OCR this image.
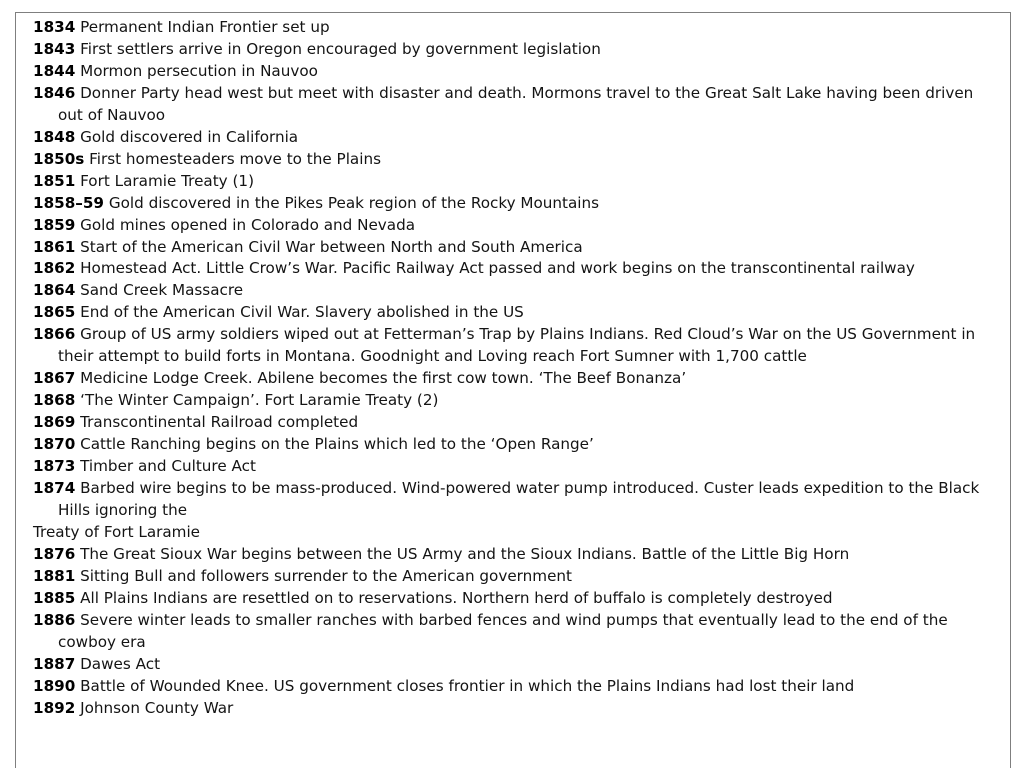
1834 Permanent Indian Frontier set up
1843 First settlers arrive in Oregon encouraged by government legislation
1844 Mormon persecution in Nauvoo
1846 Donner Party head west but meet with disaster and death. Mormons travel to the Great Salt Lake having been driven out of Nauvoo
1848 Gold discovered in California
1850s First homesteaders move to the Plains
1851 Fort Laramie Treaty (1)
1858–59 Gold discovered in the Pikes Peak region of the Rocky Mountains
1859 Gold mines opened in Colorado and Nevada
1861 Start of the American Civil War between North and South America
1862 Homestead Act. Little Crow’s War. Pacific Railway Act passed and work begins on the transcontinental railway
1864 Sand Creek Massacre
1865 End of the American Civil War. Slavery abolished in the US
1866 Group of US army soldiers wiped out at Fetterman’s Trap by Plains Indians. Red Cloud’s War on the US Government in their attempt to build forts in Montana. Goodnight and Loving reach Fort Sumner with 1,700 cattle
1867 Medicine Lodge Creek. Abilene becomes the first cow town. ‘The Beef Bonanza’
1868 ‘The Winter Campaign’. Fort Laramie Treaty (2)
1869 Transcontinental Railroad completed
1870 Cattle Ranching begins on the Plains which led to the ‘Open Range’
1873 Timber and Culture Act
1874 Barbed wire begins to be mass-produced. Wind-powered water pump introduced. Custer leads expedition to the Black Hills ignoring the
Treaty of Fort Laramie
1876 The Great Sioux War begins between the US Army and the Sioux Indians. Battle of the Little Big Horn
1881 Sitting Bull and followers surrender to the American government
1885 All Plains Indians are resettled on to reservations. Northern herd of buffalo is completely destroyed
1886 Severe winter leads to smaller ranches with barbed fences and wind pumps that eventually lead to the end of the cowboy era
1887 Dawes Act
1890 Battle of Wounded Knee. US government closes frontier in which the Plains Indians had lost their land
1892 Johnson County War
